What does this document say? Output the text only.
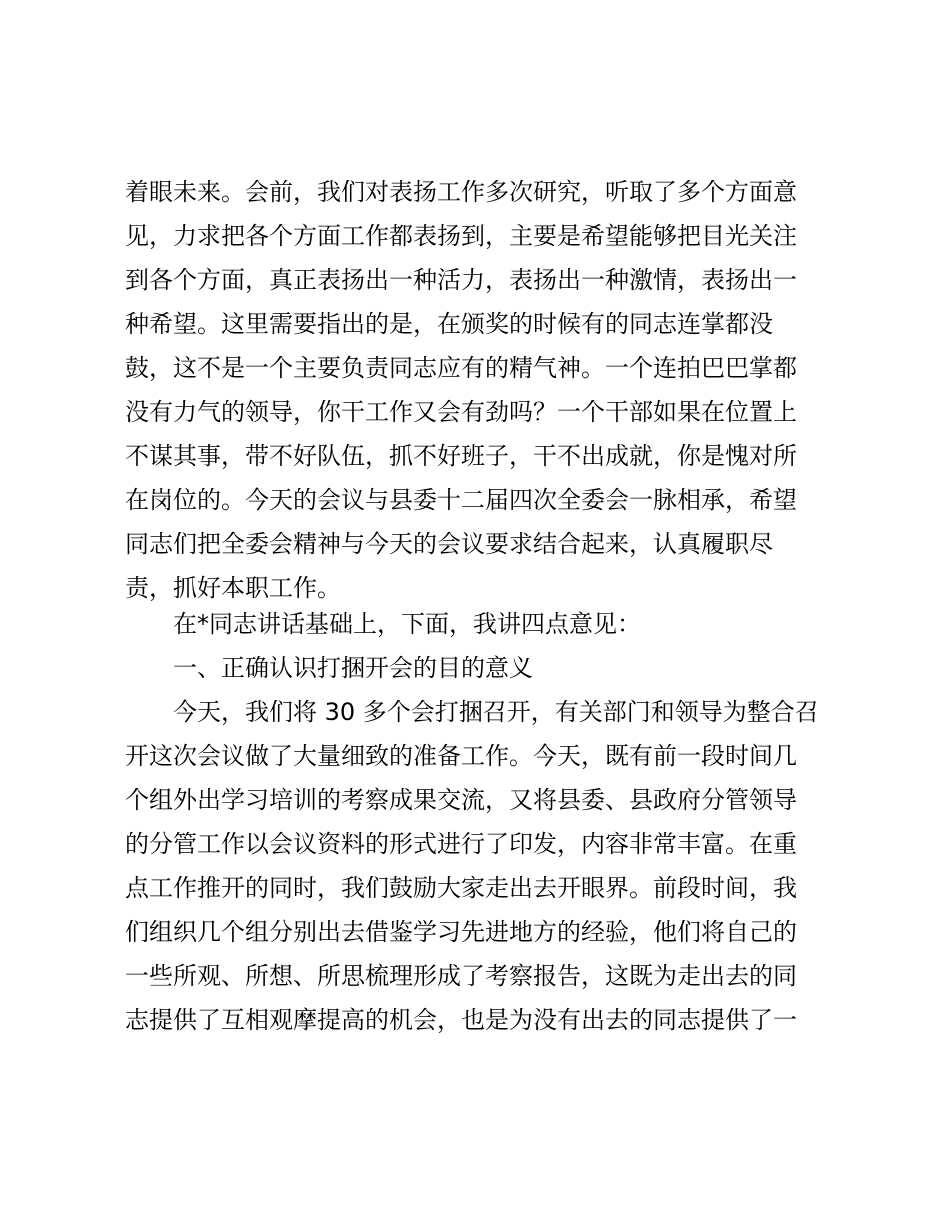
着眼未来。会前，我们对表扬工作多次研究，听取了多个方面意
见，力求把各个方面工作都表扬到，主要是希望能够把目光关注
到各个方面，真正表扬出一种活力，表扬出一种激情，表扬出一
种希望。这里需要指出的是，在颁奖的时候有的同志连掌都没
鼓，这不是一个主要负责同志应有的精气神。一个连拍巴巴掌都
没有力气的领导，你干工作又会有劲吗？一个干部如果在位置上
不谋其事，带不好队伍，抓不好班子，干不出成就，你是愧对所
在岗位的。今天的会议与县委十二届四次全委会一脉相承，希望
同志们把全委会精神与今天的会议要求结合起来，认真履职尽
责，抓好本职工作。
在*同志讲话基础上，下面，我讲四点意见：
一、正确认识打捆开会的目的意义
今天，我们将 30 多个会打捆召开，有关部门和领导为整合召
开这次会议做了大量细致的准备工作。今天，既有前一段时间几
个组外出学习培训的考察成果交流，又将县委、县政府分管领导
的分管工作以会议资料的形式进行了印发，内容非常丰富。在重
点工作推开的同时，我们鼓励大家走出去开眼界。前段时间，我
们组织几个组分别出去借鉴学习先进地方的经验，他们将自己的
一些所观、所想、所思梳理形成了考察报告，这既为走出去的同
志提供了互相观摩提高的机会，也是为没有出去的同志提供了一
